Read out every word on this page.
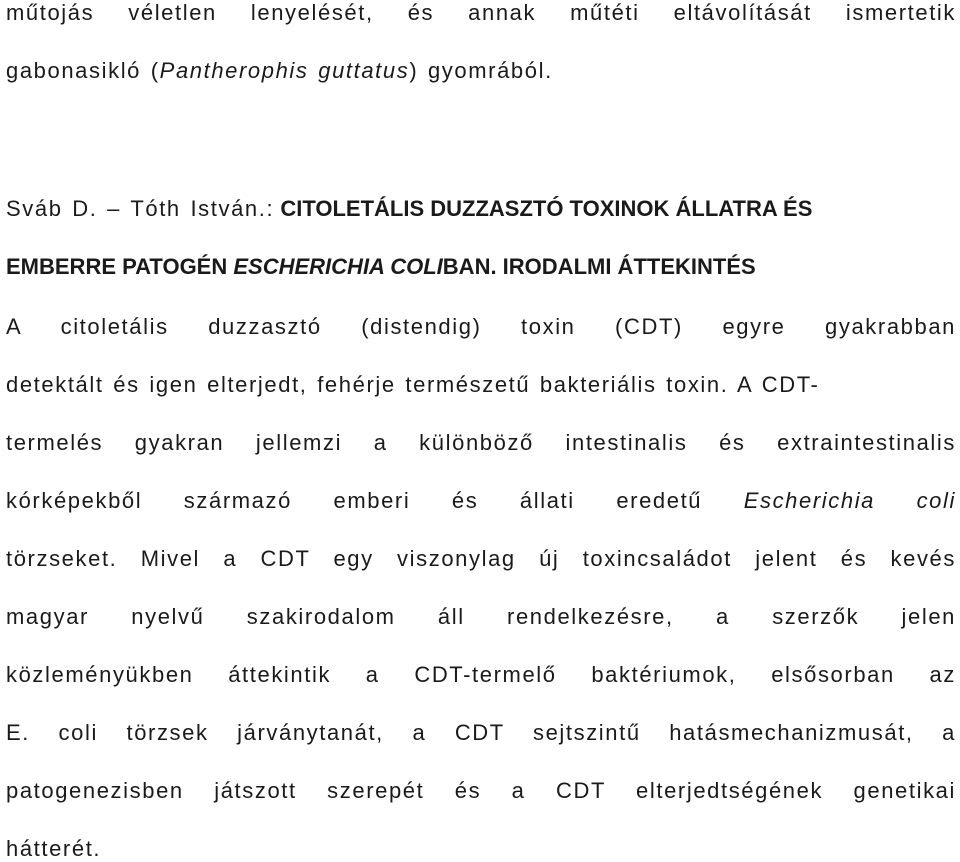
műtojás véletlen lenyelését, és annak műtéti eltávolítását ismertetik
gabonasikló (Pantherophis guttatus) gyomrából.
Sváb D. – Tóth István.: CITOLETÁLIS DUZZASZTÓ TOXINOK ÁLLATRA ÉS
EMBERRE PATOGÉN ESCHERICHIA COLIBAN. IRODALMI ÁTTEKINTÉS
A citoletális duzzasztó (distendig) toxin (CDT) egyre gyakrabban
detektált és igen elterjedt, fehérje természetű bakteriális toxin. A CDT-
termelés gyakran jellemzi a különböző intestinalis és extraintestinalis
kórképekből származó emberi és állati eredetű Escherichia coli
törzseket. Mivel a CDT egy viszonylag új toxincsaládot jelent és kevés
magyar nyelvű szakirodalom áll rendelkezésre, a szerzők jelen
közleményükben áttekintik a CDT-termelő baktériumok, elsősorban az
E. coli törzsek járványtanát, a CDT sejtszintű hatásmechanizmusát, a
patogenezisben játszott szerepét és a CDT elterjedtségének genetikai
hátterét.
